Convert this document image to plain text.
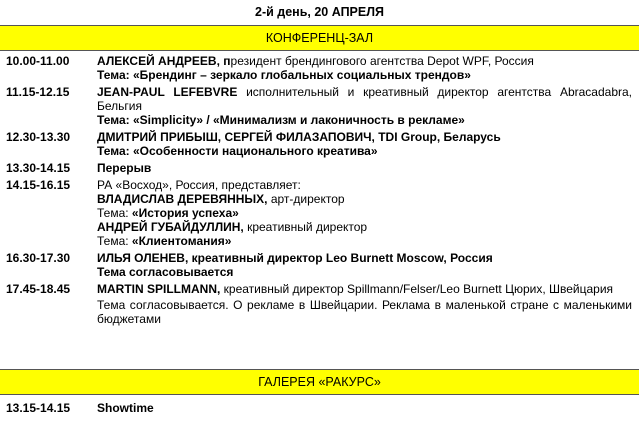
2-й день, 20 АПРЕЛЯ
КОНФЕРЕНЦ-ЗАЛ
10.00-11.00	АЛЕКСЕЙ АНДРЕЕВ, президент брендингового агентства Depot WPF, Россия
Тема: «Брендинг – зеркало глобальных социальных трендов»

11.15-12.15	JEAN-PAUL LEFEBVRE исполнительный и креативный директор агентства Abracadabra, Бельгия
Тема: «Simplicity» / «Минимализм и лаконичность в рекламе»

12.30-13.30	ДМИТРИЙ ПРИБЫШ, СЕРГЕЙ ФИЛАЗАПОВИЧ, TDI Group, Беларусь
Тема: «Особенности национального креатива»

13.30-14.15	Перерыв

14.15-16.15	РА «Восход», Россия, представляет:
ВЛАДИСЛАВ ДЕРЕВЯННЫХ, арт-директор
Тема: «История успеха»
АНДРЕЙ ГУБАЙДУЛЛИН, креативный директор
Тема: «Клиентомания»

16.30-17.30	ИЛЬЯ ОЛЕНЕВ, креативный директор Leo Burnett Moscow, Россия
Тема согласовывается

17.45-18.45	MARTIN SPILLMANN, креативный директор Spillmann/Felser/Leo Burnett Цюрих, Швейцария
Тема согласовывается. О рекламе в Швейцарии. Реклама в маленькой стране с маленькими бюджетами
ГАЛЕРЕЯ «РАКУРС»
13.15-14.15	Showtime
